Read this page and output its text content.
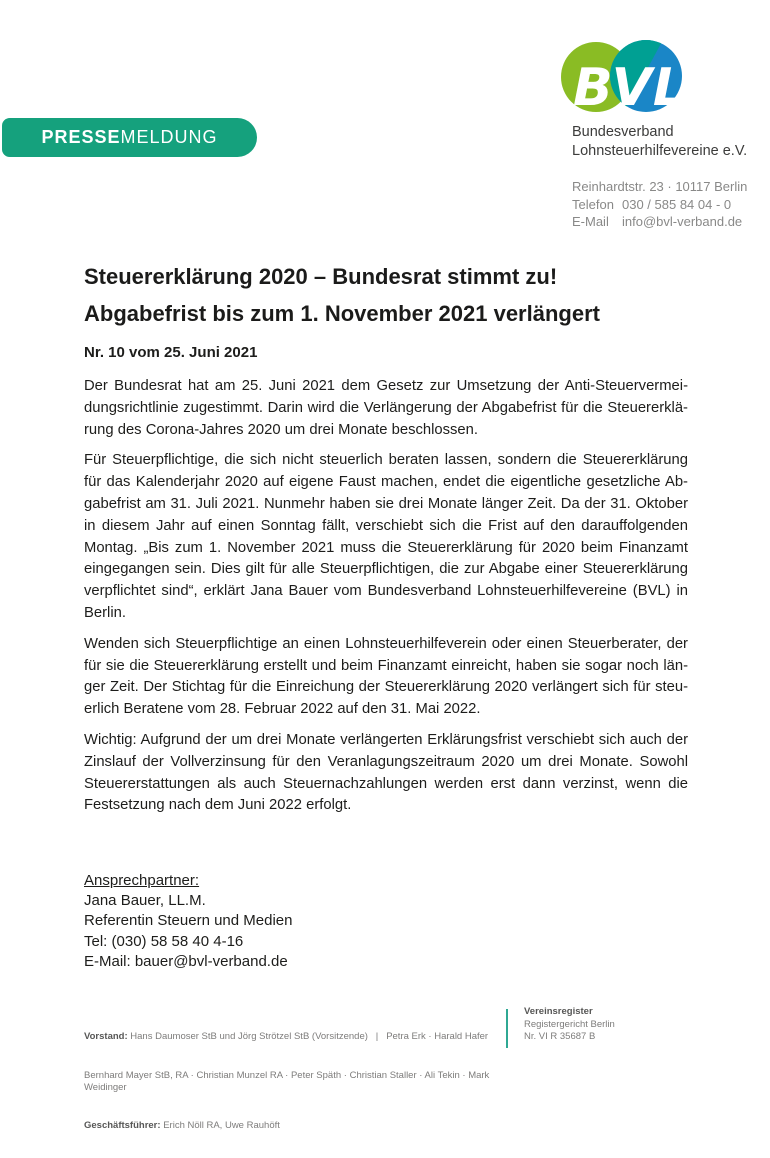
PRESSE MELDUNG
BVL
Bundesverband
Lohnsteuerhilfevereine e.V.
Reinhardtstr. 23 · 10117 Berlin
Telefon 030 / 585 84 04 - 0
E-Mail info@bvl-verband.de
Steuererklärung 2020 – Bundesrat stimmt zu!
Abgabefrist bis zum 1. November 2021 verlängert
Nr. 10 vom 25. Juni 2021
Der Bundesrat hat am 25. Juni 2021 dem Gesetz zur Umsetzung der Anti-Steuervermei-
dungsrichtlinie zugestimmt. Darin wird die Verlängerung der Abgabefrist für die Steuererklä-
rung des Corona-Jahres 2020 um drei Monate beschlossen.
Für Steuerpflichtige, die sich nicht steuerlich beraten lassen, sondern die Steuererklärung
für das Kalenderjahr 2020 auf eigene Faust machen, endet die eigentliche gesetzliche Ab-
gabefrist am 31. Juli 2021. Nunmehr haben sie drei Monate länger Zeit. Da der 31. Oktober
in diesem Jahr auf einen Sonntag fällt, verschiebt sich die Frist auf den darauffolgenden
Montag. „Bis zum 1. November 2021 muss die Steuererklärung für 2020 beim Finanzamt
eingegangen sein. Dies gilt für alle Steuerpflichtigen, die zur Abgabe einer Steuererklärung
verpflichtet sind“, erklärt Jana Bauer vom Bundesverband Lohnsteuerhilfevereine (BVL) in
Berlin.
Wenden sich Steuerpflichtige an einen Lohnsteuerhilfeverein oder einen Steuerberater, der
für sie die Steuererklärung erstellt und beim Finanzamt einreicht, haben sie sogar noch län-
ger Zeit. Der Stichtag für die Einreichung der Steuererklärung 2020 verlängert sich für steu-
erlich Beratene vom 28. Februar 2022 auf den 31. Mai 2022.
Wichtig: Aufgrund der um drei Monate verlängerten Erklärungsfrist verschiebt sich auch der
Zinslauf der Vollverzinsung für den Veranlagungszeitraum 2020 um drei Monate. Sowohl
Steuererstattungen als auch Steuernachzahlungen werden erst dann verzinst, wenn die
Festsetzung nach dem Juni 2022 erfolgt.
Ansprechpartner:
Jana Bauer, LL.M.
Referentin Steuern und Medien
Tel: (030) 58 58 40 4-16
E-Mail: bauer@bvl-verband.de

Vorstand: Hans Daumoser StB und Jörg Strötzel StB (Vorsitzende)   |   Petra Erk · Harald Hafer

Bernhard Mayer StB, RA · Christian Munzel RA · Peter Späth · Christian Staller · Ali Tekin · Mark Weidinger

Geschäftsführer: Erich Nöll RA, Uwe Rauhöft

Vereinsregister
Registergericht Berlin
Nr. VI R 35687 B
